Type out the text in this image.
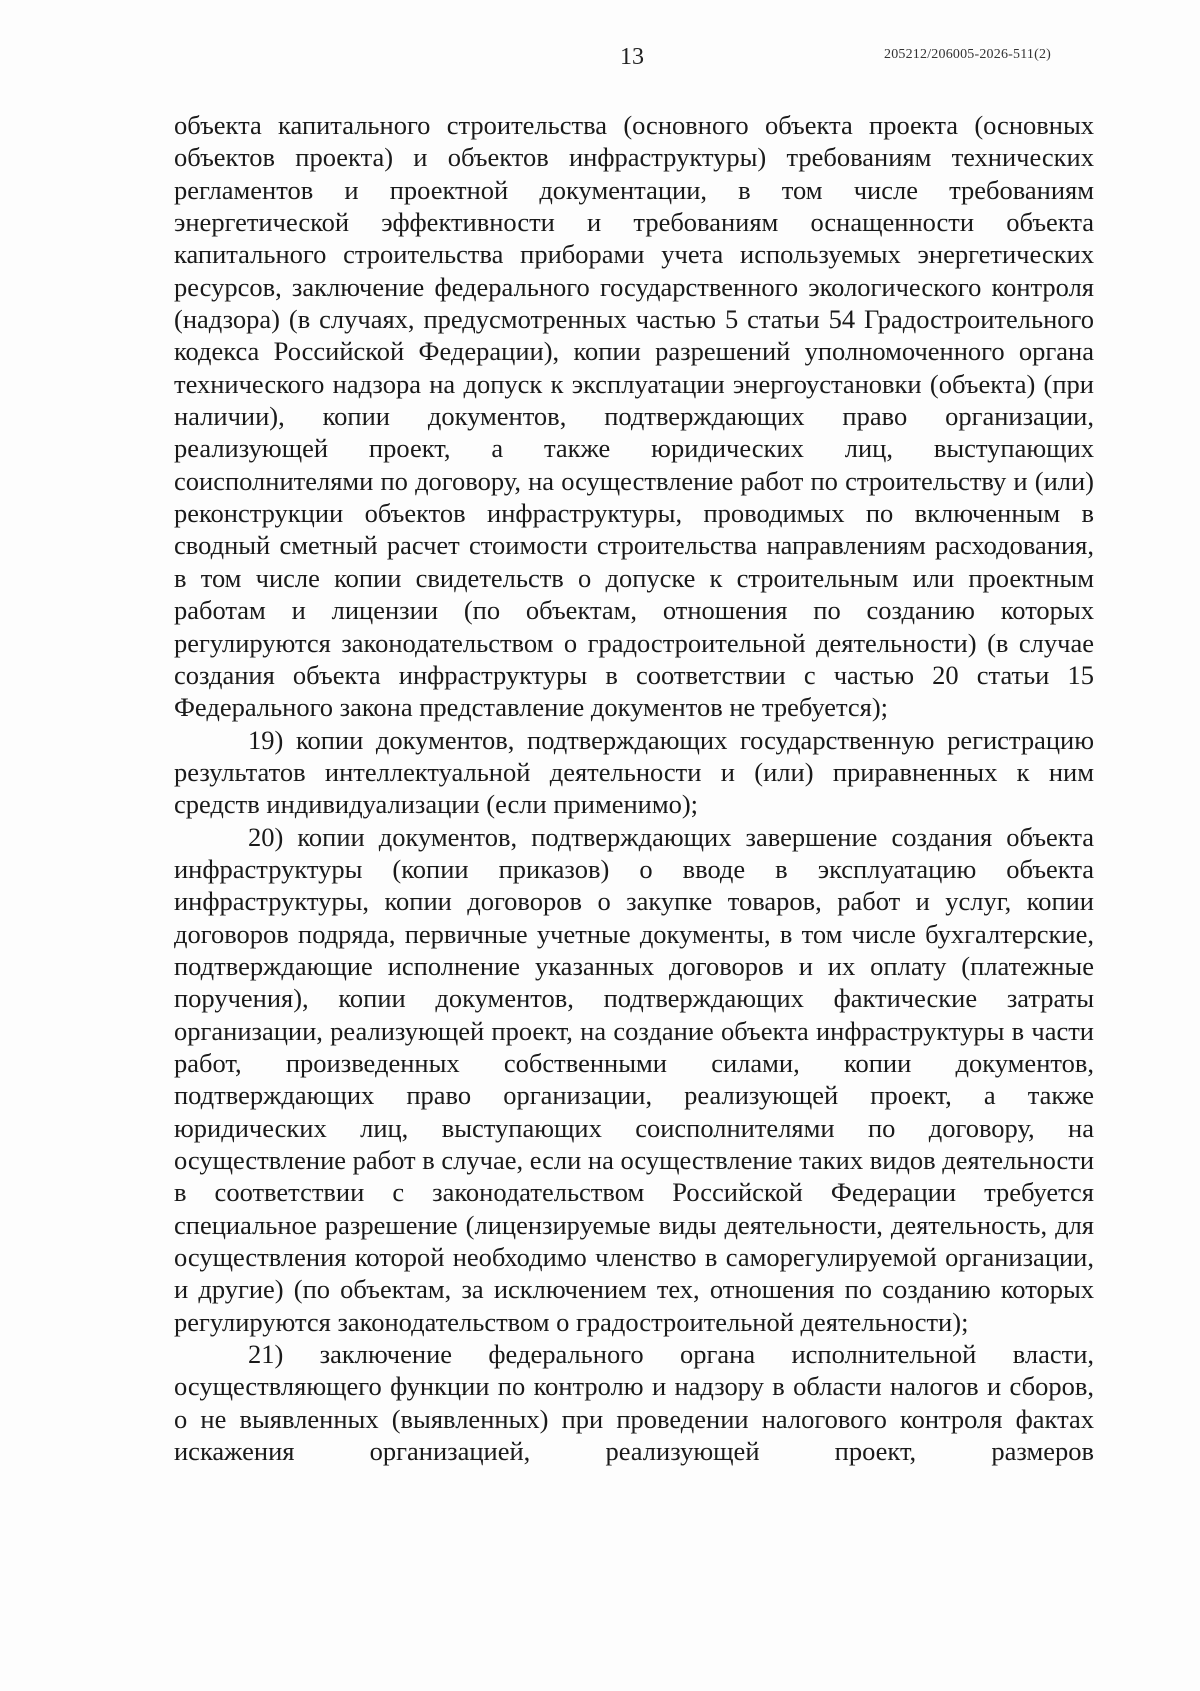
13	205212/206005-2026-511(2)

объекта капитального строительства (основного объекта проекта (основных объектов проекта) и объектов инфраструктуры) требованиям технических регламентов и проектной документации, в том числе требованиям энергетической эффективности и требованиям оснащенности объекта капитального строительства приборами учета используемых энергетических ресурсов, заключение федерального государственного экологического контроля (надзора) (в случаях, предусмотренных частью 5 статьи 54 Градостроительного кодекса Российской Федерации), копии разрешений уполномоченного органа технического надзора на допуск к эксплуатации энергоустановки (объекта) (при наличии), копии документов, подтверждающих право организации, реализующей проект, а также юридических лиц, выступающих соисполнителями по договору, на осуществление работ по строительству и (или) реконструкции объектов инфраструктуры, проводимых по включенным в сводный сметный расчет стоимости строительства направлениям расходования, в том числе копии свидетельств о допуске к строительным или проектным работам и лицензии (по объектам, отношения по созданию которых регулируются законодательством о градостроительной деятельности) (в случае создания объекта инфраструктуры в соответствии с частью 20 статьи 15 Федерального закона представление документов не требуется);

19) копии документов, подтверждающих государственную регистрацию результатов интеллектуальной деятельности и (или) приравненных к ним средств индивидуализации (если применимо);

20) копии документов, подтверждающих завершение создания объекта инфраструктуры (копии приказов) о вводе в эксплуатацию объекта инфраструктуры, копии договоров о закупке товаров, работ и услуг, копии договоров подряда, первичные учетные документы, в том числе бухгалтерские, подтверждающие исполнение указанных договоров и их оплату (платежные поручения), копии документов, подтверждающих фактические затраты организации, реализующей проект, на создание объекта инфраструктуры в части работ, произведенных собственными силами, копии документов, подтверждающих право организации, реализующей проект, а также юридических лиц, выступающих соисполнителями по договору, на осуществление работ в случае, если на осуществление таких видов деятельности в соответствии с законодательством Российской Федерации требуется специальное разрешение (лицензируемые виды деятельности, деятельность, для осуществления которой необходимо членство в саморегулируемой организации, и другие) (по объектам, за исключением тех, отношения по созданию которых регулируются законодательством о градостроительной деятельности);

21) заключение федерального органа исполнительной власти, осуществляющего функции по контролю и надзору в области налогов и сборов, о не выявленных (выявленных) при проведении налогового контроля фактах искажения организацией, реализующей проект, размеров
